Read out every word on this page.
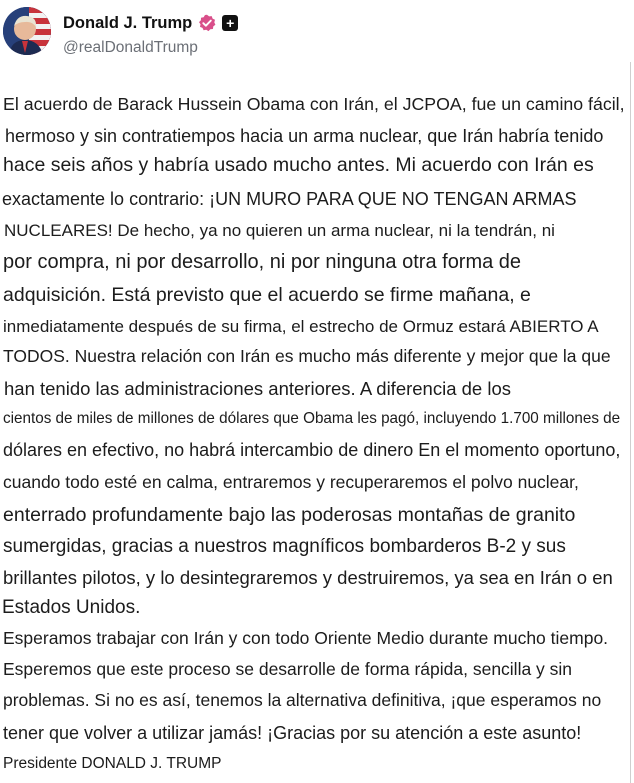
Donald J. Trump +
@realDonaldTrump
El acuerdo de Barack Hussein Obama con Irán, el JCPOA, fue un camino fácil,
hermoso y sin contratiempos hacia un arma nuclear, que Irán habría tenido
hace seis años y habría usado mucho antes. Mi acuerdo con Irán es
exactamente lo contrario: ¡UN MURO PARA QUE NO TENGAN ARMAS
NUCLEARES! De hecho, ya no quieren un arma nuclear, ni la tendrán, ni
por compra, ni por desarrollo, ni por ninguna otra forma de
adquisición. Está previsto que el acuerdo se firme mañana, e
inmediatamente después de su firma, el estrecho de Ormuz estará ABIERTO A
TODOS. Nuestra relación con Irán es mucho más diferente y mejor que la que
han tenido las administraciones anteriores. A diferencia de los
cientos de miles de millones de dólares que Obama les pagó, incluyendo 1.700 millones de
dólares en efectivo, no habrá intercambio de dinero En el momento oportuno,
cuando todo esté en calma, entraremos y recuperaremos el polvo nuclear,
enterrado profundamente bajo las poderosas montañas de granito
sumergidas, gracias a nuestros magníficos bombarderos B-2 y sus
brillantes pilotos, y lo desintegraremos y destruiremos, ya sea en Irán o en
Estados Unidos.
Esperamos trabajar con Irán y con todo Oriente Medio durante mucho tiempo.
Esperemos que este proceso se desarrolle de forma rápida, sencilla y sin
problemas. Si no es así, tenemos la alternativa definitiva, ¡que esperamos no
tener que volver a utilizar jamás! ¡Gracias por su atención a este asunto!
Presidente DONALD J. TRUMP
